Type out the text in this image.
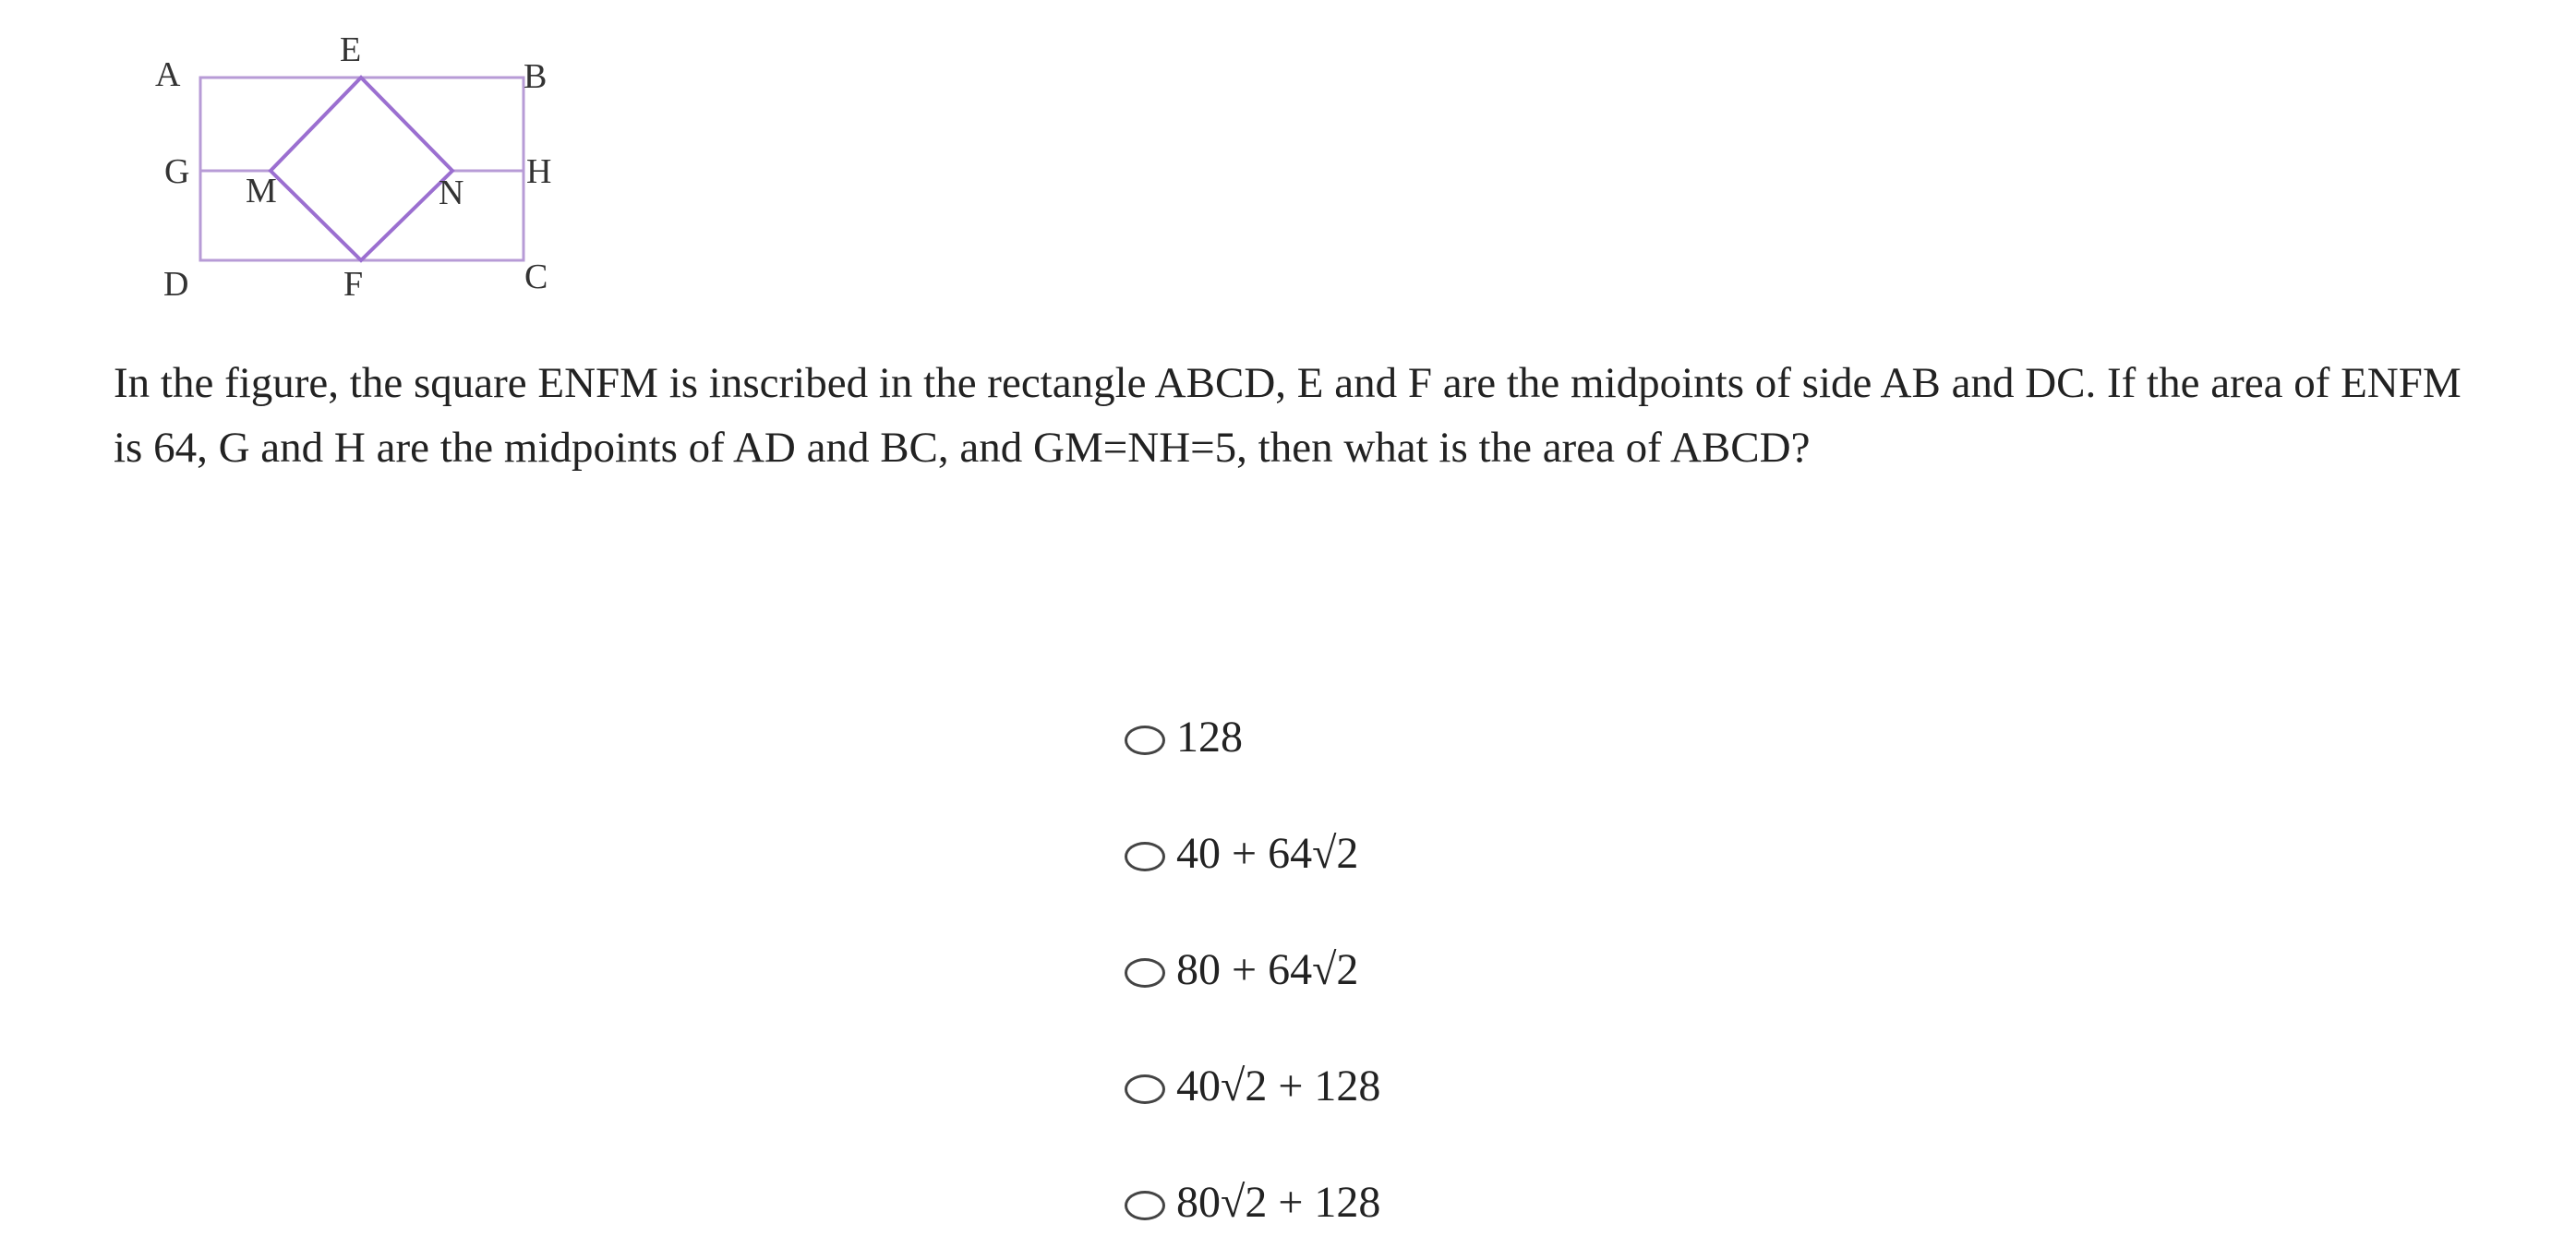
A
E
B
G M	N
H
D	F	C

In the figure, the square ENFM is inscribed in the rectangle ABCD, E and F are the midpoints of side AB and DC. If the area of ENFM is 64, G and H are the midpoints of AD and BC, and GM=NH=5, then what is the area of ABCD?

128
40 + 64√2
80 + 64√2
40√2 + 128
80√2 + 128
